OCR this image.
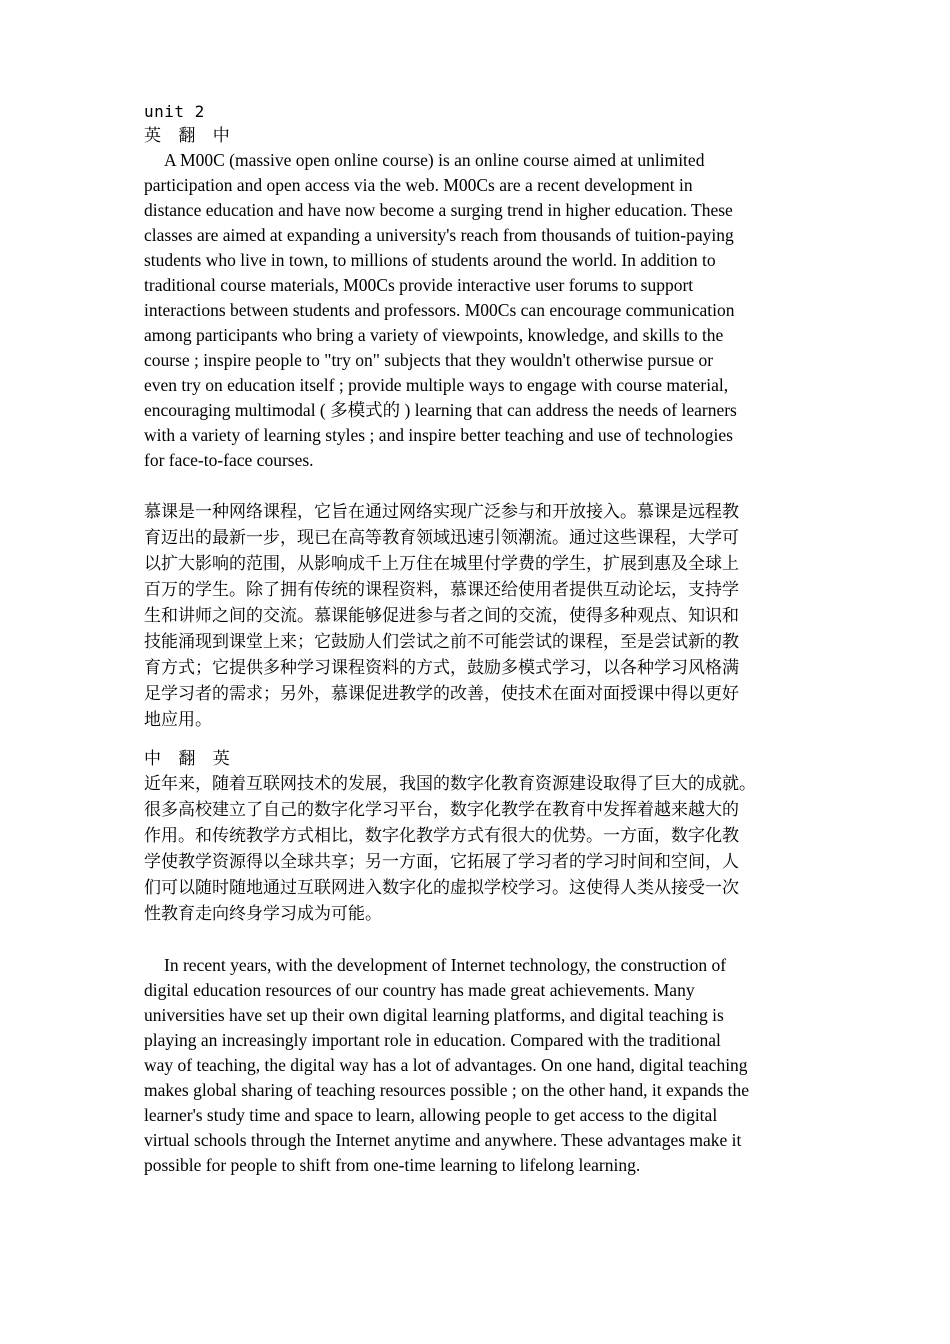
unit 2
英 翻 中

A M00C (massive open online course) is an online course aimed at unlimited
participation and open access via the web. M00Cs are a recent development in
distance education and have now become a surging trend in higher education. These
classes are aimed at expanding a university's reach from thousands of tuition-paying
students who live in town, to millions of students around the world. In addition to
traditional course materials, M00Cs provide interactive user forums to support
interactions between students and professors. M00Cs can encourage communication
among participants who bring a variety of viewpoints, knowledge, and skills to the
course ; inspire people to "try on" subjects that they wouldn't otherwise pursue or
even try on education itself ; provide multiple ways to engage with course material,
encouraging multimodal ( 多模式的 ) learning that can address the needs of learners
with a variety of learning styles ; and inspire better teaching and use of technologies
for face-to-face courses.

慕课是一种网络课程，它旨在通过网络实现广泛参与和开放接入。慕课是远程教
育迈出的最新一步，现已在高等教育领域迅速引领潮流。通过这些课程，大学可
以扩大影响的范围，从影响成千上万住在城里付学费的学生，扩展到惠及全球上
百万的学生。除了拥有传统的课程资料，慕课还给使用者提供互动论坛，支持学
生和讲师之间的交流。慕课能够促进参与者之间的交流，使得多种观点、知识和
技能涌现到课堂上来；它鼓励人们尝试之前不可能尝试的课程，至是尝试新的教
育方式；它提供多种学习课程资料的方式，鼓励多模式学习，以各种学习风格满
足学习者的需求；另外，慕课促进教学的改善，使技术在面对面授课中得以更好
地应用。

中 翻 英

近年来，随着互联网技术的发展，我国的数字化教育资源建设取得了巨大的成就。
很多高校建立了自己的数字化学习平台，数字化教学在教育中发挥着越来越大的
作用。和传统教学方式相比，数字化教学方式有很大的优势。一方面，数字化教
学使教学资源得以全球共享；另一方面，它拓展了学习者的学习时间和空间，人
们可以随时随地通过互联网进入数字化的虚拟学校学习。这使得人类从接受一次
性教育走向终身学习成为可能。

In recent years, with the development of Internet technology, the construction of
digital education resources of our country has made great achievements. Many
universities have set up their own digital learning platforms, and digital teaching is
playing an increasingly important role in education. Compared with the traditional
way of teaching, the digital way has a lot of advantages. On one hand, digital teaching
makes global sharing of teaching resources possible ; on the other hand, it expands the
learner's study time and space to learn, allowing people to get access to the digital
virtual schools through the Internet anytime and anywhere. These advantages make it
possible for people to shift from one-time learning to lifelong learning.
